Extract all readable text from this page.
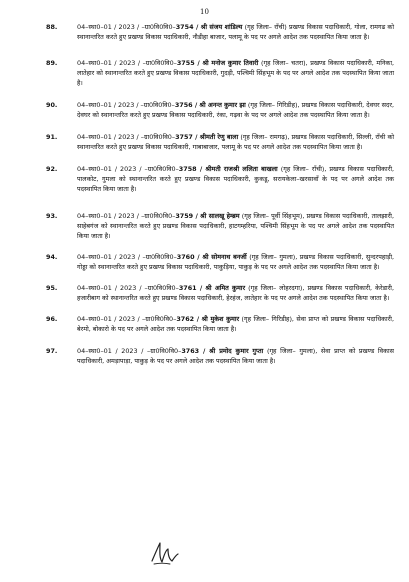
10
88.	04–स्था0–01 / 2023 / –ग्रा0वि0वि0–3754 / श्री संजय शांडिल्य (गृह जिला– राँची) प्रखण्ड विकास पदाधिकारी, गोला, रामगढ को स्थानान्तरित करते हुए प्रखण्ड विकास पदाधिकारी, नौडीहा बाजार, पलामू के पद पर अगले आदेश तक पदस्थापित किया जाता है।
89.	04–स्था0–01 / 2023 / –ग्रा0वि0वि0–3755 / श्री मनोज कुमार तिवारी (गृह जिला– चतरा), प्रखण्ड विकास पदाधिकारी, मनिका, लातेहार को स्थानान्तरित करते हुए प्रखण्ड विकास पदाधिकारी, गुदड़ी, पश्चिमी सिंहभूम के पद पर अगले आदेश तक पदस्थापित किया जाता है।
90.	04–स्था0–01 / 2023 / –ग्रा0वि0वि0–3756 / श्री अनन्त कुमार झा (गृह जिला– गिरिडीह), प्रखण्ड विकास पदाधिकारी, देवघर सदर, देवघर को स्थानान्तरित करते हुए प्रखण्ड विकास पदाधिकारी, रंका, गढ़वा के पद पर अगले आदेश तक पदस्थापित किया जाता है।
91.	04–स्था0–01 / 2023 / –ग्रा0वि0वि0–3757 / श्रीमती रेणु बाला (गृह जिला– रामगढ़), प्रखण्ड विकास पदाधिकारी, सिल्ली, राँची को स्थानान्तरित करते हुए प्रखण्ड विकास पदाधिकारी, गाबाबाजार, पलामू के पद पर अगले आदेश तक पदस्थापित किया जाता है।
92.	04–स्था0–01 / 2023 / –ग्रा0वि0वि0–3758 / श्रीमती राजश्री ललिता बाखला (गृह जिला– राँची), प्रखण्ड विकास पदाधिकारी, पालकोट, गुमला को स्थानान्तरित करते हुए प्रखण्ड विकास पदाधिकारी, कुकडू, सरायकेला–खरसावाँ के पद पर अगले आदेश तक पदस्थापित किया जाता है।
93.	04–स्था0–01 / 2023 / –ग्रा0वि0वि0–3759 / श्री सालखू हेम्ब्रम (गृह जिला– पूर्वी सिंहभूम), प्रखण्ड विकास पदाधिकारी, तालझारी, साहेबगंज को स्थानान्तरित करते हुए प्रखण्ड विकास पदाधिकारी, हाटगम्हरिया, पश्चिमी सिंहभूम के पद पर अगले आदेश तक पदस्थापित किया जाता है।
94.	04–स्था0–01 / 2023 / –ग्रा0वि0वि0–3760 / श्री सोमनाथ बनर्जी (गृह जिला– गुमला), प्रखण्ड विकास पदाधिकारी, सुन्दरपहाड़ी, गोड्डा को स्थानान्तरित करते हुए प्रखण्ड विकास पदाधिकारी, पाकुड़िया, पाकुड़ के पद पर अगले आदेश तक पदस्थापित किया जाता है।
95.	04–स्था0–01 / 2023 / –ग्रा0वि0वि0–3761 / श्री अमित कुमार (गृह जिला– लोहरदगा), प्रखण्ड विकास पदाधिकारी, केरेडारी, हजारीबाग को स्थानान्तरित करते हुए प्रखण्ड विकास पदाधिकारी, हेरहंज, लातेहार के पद पर अगले आदेश तक पदस्थापित किया जाता है।
96.	04–स्था0–01 / 2023 / –ग्रा0वि0वि0–3762 / श्री मुकेश कुमार (गृह जिला– गिरिडीह), सेवा प्राप्त को प्रखण्ड विकास पदाधिकारी, बेरमो, बोकारो के पद पर अगले आदेश तक पदस्थापित किया जाता है।
97.	04–स्था0–01 / 2023 / –ग्रा0वि0वि0–3763 / श्री प्रमोद कुमार गुप्ता (गृह जिला– गुमला), सेवा प्राप्त को प्रखण्ड विकास पदाधिकारी, अमड़ापाड़ा, पाकुड़ के पद पर अगले आदेश तक पदस्थापित किया जाता है।
